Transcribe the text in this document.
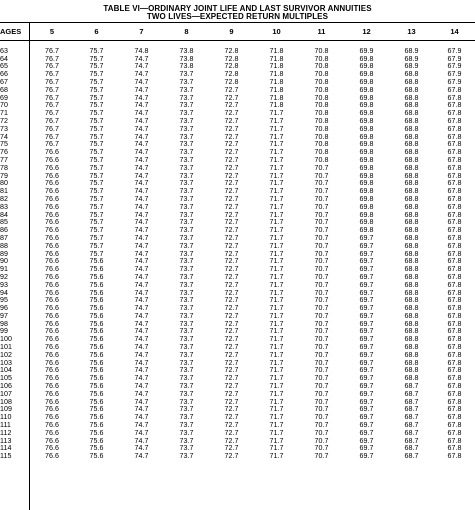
TABLE VI—ORDINARY JOINT LIFE AND LAST SURVIVOR ANNUITIES
TWO LIVES—EXPECTED RETURN MULTIPLES
AGES	5	6	7	8	9	10	11	12	13	14

63	76.7	75.7	74.8	73.8	72.8	71.8	70.8	69.9	68.9	67.9
64	76.7	75.7	74.7	73.8	72.8	71.8	70.8	69.8	68.9	67.9
65	76.7	75.7	74.7	73.8	72.8	71.8	70.8	69.8	68.9	67.9
66	76.7	75.7	74.7	73.7	72.8	71.8	70.8	69.8	68.8	67.9
67	76.7	75.7	74.7	73.7	72.8	71.8	70.8	69.8	68.8	67.9
68	76.7	75.7	74.7	73.7	72.7	71.8	70.8	69.8	68.8	67.8
69	76.7	75.7	74.7	73.7	72.7	71.8	70.8	69.8	68.8	67.8
70	76.7	75.7	74.7	73.7	72.7	71.8	70.8	69.8	68.8	67.8
71	76.7	75.7	74.7	73.7	72.7	71.7	70.8	69.8	68.8	67.8
72	76.7	75.7	74.7	73.7	72.7	71.7	70.8	69.8	68.8	67.8
73	76.7	75.7	74.7	73.7	72.7	71.7	70.8	69.8	68.8	67.8
74	76.7	75.7	74.7	73.7	72.7	71.7	70.8	69.8	68.8	67.8
75	76.7	75.7	74.7	73.7	72.7	71.7	70.8	69.8	68.8	67.8
76	76.6	75.7	74.7	73.7	72.7	71.7	70.8	69.8	68.8	67.8
77	76.6	75.7	74.7	73.7	72.7	71.7	70.8	69.8	68.8	67.8
78	76.6	75.7	74.7	73.7	72.7	71.7	70.7	69.8	68.8	67.8
79	76.6	75.7	74.7	73.7	72.7	71.7	70.7	69.8	68.8	67.8
80	76.6	75.7	74.7	73.7	72.7	71.7	70.7	69.8	68.8	67.8
81	76.6	75.7	74.7	73.7	72.7	71.7	70.7	69.8	68.8	67.8
82	76.6	75.7	74.7	73.7	72.7	71.7	70.7	69.8	68.8	67.8
83	76.6	75.7	74.7	73.7	72.7	71.7	70.7	69.8	68.8	67.8
84	76.6	75.7	74.7	73.7	72.7	71.7	70.7	69.8	68.8	67.8
85	76.6	75.7	74.7	73.7	72.7	71.7	70.7	69.8	68.8	67.8
86	76.6	75.7	74.7	73.7	72.7	71.7	70.7	69.8	68.8	67.8
87	76.6	75.7	74.7	73.7	72.7	71.7	70.7	69.7	68.8	67.8
88	76.6	75.7	74.7	73.7	72.7	71.7	70.7	69.7	68.8	67.8
89	76.6	75.7	74.7	73.7	72.7	71.7	70.7	69.7	68.8	67.8
90	76.6	75.6	74.7	73.7	72.7	71.7	70.7	69.7	68.8	67.8
91	76.6	75.6	74.7	73.7	72.7	71.7	70.7	69.7	68.8	67.8
92	76.6	75.6	74.7	73.7	72.7	71.7	70.7	69.7	68.8	67.8
93	76.6	75.6	74.7	73.7	72.7	71.7	70.7	69.7	68.8	67.8
94	76.6	75.6	74.7	73.7	72.7	71.7	70.7	69.7	68.8	67.8
95	76.6	75.6	74.7	73.7	72.7	71.7	70.7	69.7	68.8	67.8
96	76.6	75.6	74.7	73.7	72.7	71.7	70.7	69.7	68.8	67.8
97	76.6	75.6	74.7	73.7	72.7	71.7	70.7	69.7	68.8	67.8
98	76.6	75.6	74.7	73.7	72.7	71.7	70.7	69.7	68.8	67.8
99	76.6	75.6	74.7	73.7	72.7	71.7	70.7	69.7	68.8	67.8
100	76.6	75.6	74.7	73.7	72.7	71.7	70.7	69.7	68.8	67.8
101	76.6	75.6	74.7	73.7	72.7	71.7	70.7	69.7	68.8	67.8
102	76.6	75.6	74.7	73.7	72.7	71.7	70.7	69.7	68.8	67.8
103	76.6	75.6	74.7	73.7	72.7	71.7	70.7	69.7	68.8	67.8
104	76.6	75.6	74.7	73.7	72.7	71.7	70.7	69.7	68.8	67.8
105	76.6	75.6	74.7	73.7	72.7	71.7	70.7	69.7	68.8	67.8
106	76.6	75.6	74.7	73.7	72.7	71.7	70.7	69.7	68.7	67.8
107	76.6	75.6	74.7	73.7	72.7	71.7	70.7	69.7	68.7	67.8
108	76.6	75.6	74.7	73.7	72.7	71.7	70.7	69.7	68.7	67.8
109	76.6	75.6	74.7	73.7	72.7	71.7	70.7	69.7	68.7	67.8
110	76.6	75.6	74.7	73.7	72.7	71.7	70.7	69.7	68.7	67.8
111	76.6	75.6	74.7	73.7	72.7	71.7	70.7	69.7	68.7	67.8
112	76.6	75.6	74.7	73.7	72.7	71.7	70.7	69.7	68.7	67.8
113	76.6	75.6	74.7	73.7	72.7	71.7	70.7	69.7	68.7	67.8
114	76.6	75.6	74.7	73.7	72.7	71.7	70.7	69.7	68.7	67.8
115	76.6	75.6	74.7	73.7	72.7	71.7	70.7	69.7	68.7	67.8
